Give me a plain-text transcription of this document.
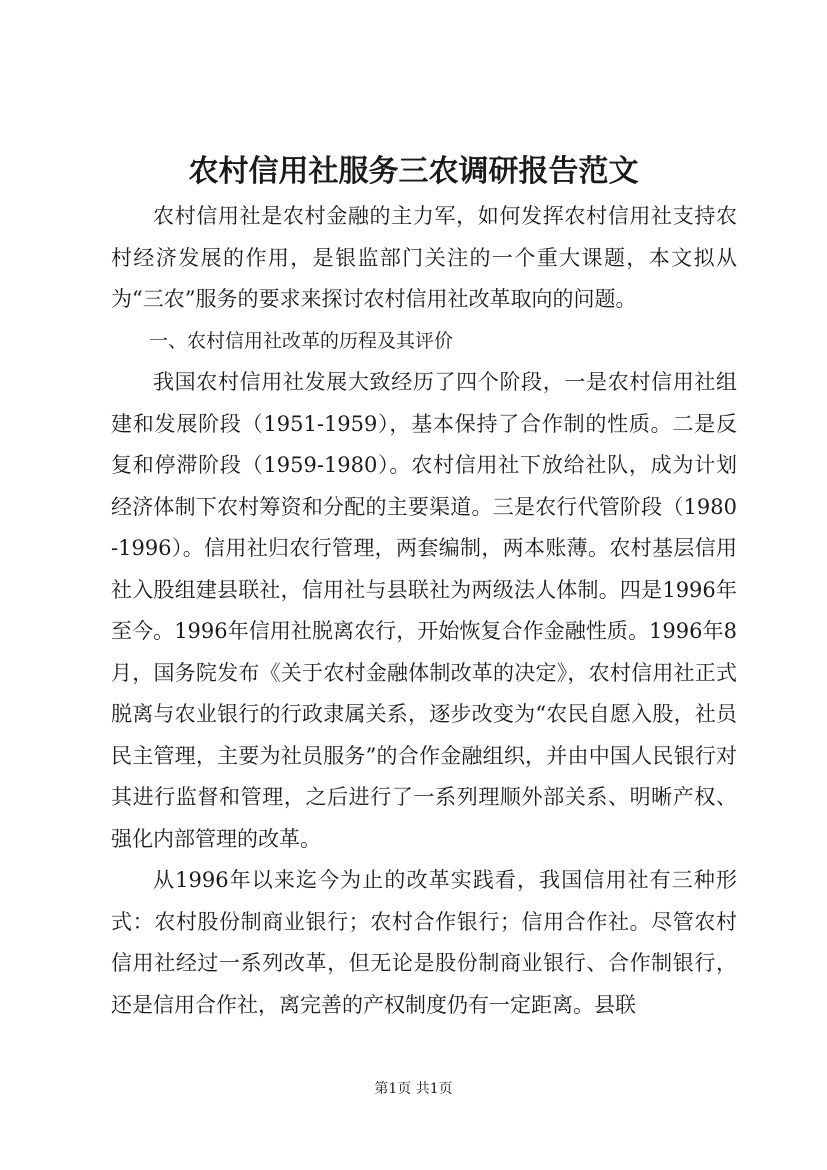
农村信用社服务三农调研报告范文

农村信用社是农村金融的主力军，如何发挥农村信用社支持农村经济发展的作用，是银监部门关注的一个重大课题，本文拟从为“三农”服务的要求来探讨农村信用社改革取向的问题。

一、农村信用社改革的历程及其评价

我国农村信用社发展大致经历了四个阶段，一是农村信用社组建和发展阶段（1951-1959），基本保持了合作制的性质。二是反复和停滞阶段（1959-1980）。农村信用社下放给社队，成为计划经济体制下农村筹资和分配的主要渠道。三是农行代管阶段（1980-1996）。信用社归农行管理，两套编制，两本账薄。农村基层信用社入股组建县联社，信用社与县联社为两级法人体制。四是1996年至今。1996年信用社脱离农行，开始恢复合作金融性质。1996年8月，国务院发布《关于农村金融体制改革的决定》，农村信用社正式脱离与农业银行的行政隶属关系，逐步改变为“农民自愿入股，社员民主管理，主要为社员服务”的合作金融组织，并由中国人民银行对其进行监督和管理，之后进行了一系列理顺外部关系、明晰产权、强化内部管理的改革。

从1996年以来迄今为止的改革实践看，我国信用社有三种形式：农村股份制商业银行；农村合作银行；信用合作社。尽管农村信用社经过一系列改革，但无论是股份制商业银行、合作制银行，还是信用合作社，离完善的产权制度仍有一定距离。县联

第1页 共1页
